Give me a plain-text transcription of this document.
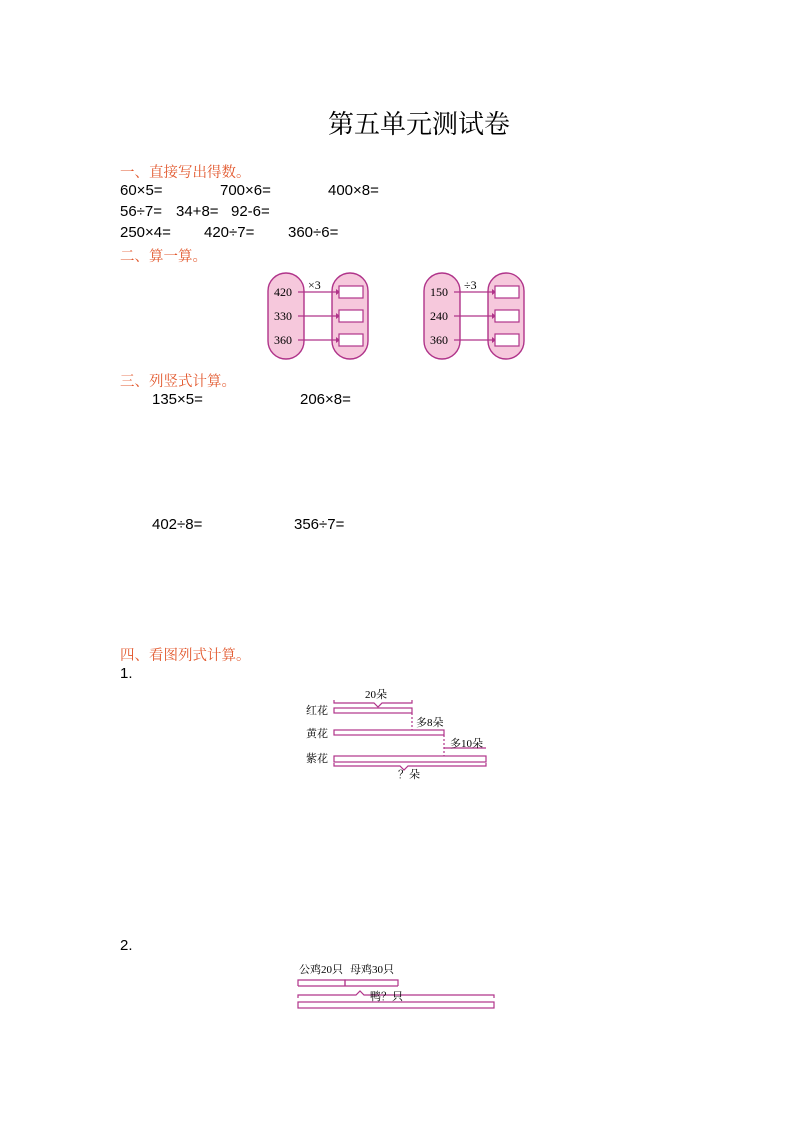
第五单元测试卷
一、直接写出得数。
60×5=	700×6=	400×8=
56÷7= 34+8= 92-6=
250×4= 420÷7= 360÷6=
二、算一算。
×3
420
330
360
÷3
150
240
360
三、列竖式计算。
135×5=	206×8=
402÷8=	356÷7=
四、看图列式计算。
1.
红花
黄花
紫花
20朵
多8朵
多10朵
？朵
2.
公鸡20只 母鸡30只
鸭？只
